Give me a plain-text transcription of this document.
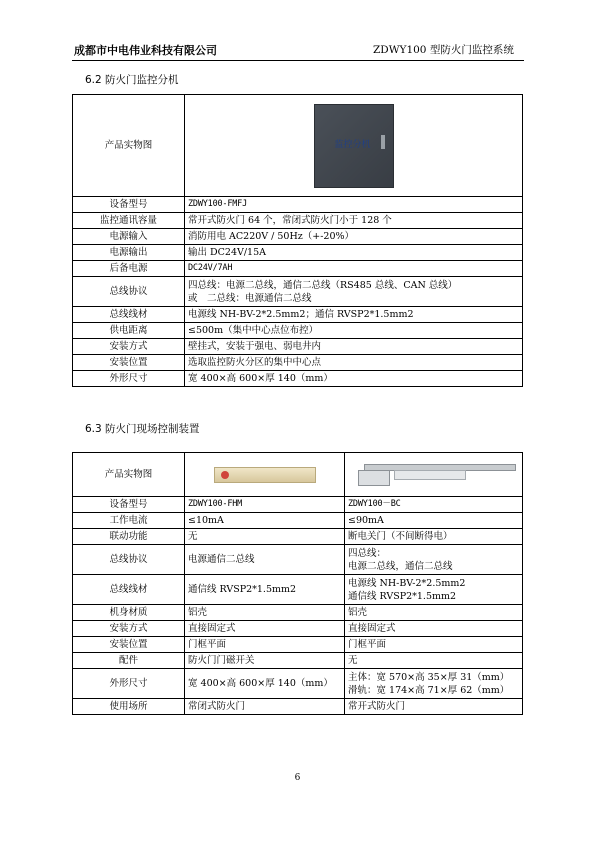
成都市中电伟业科技有限公司	ZDWY100 型防火门监控系统
6.2 防火门监控分机
产品实物图	监控分机

设备型号	ZDWY100-FMFJ
监控通讯容量	常开式防火门 64 个，常闭式防火门小于 128 个
电源输入	消防用电 AC220V / 50Hz（+-20%）
电源输出	输出 DC24V/15A
后备电源	DC24V/7AH
总线协议	四总线：电源二总线，通信二总线（RS485 总线、CAN 总线）
或　二总线：电源通信二总线

总线线材	电源线 NH-BV-2*2.5mm2；通信 RVSP2*1.5mm2
供电距离	≤500m（集中中心点位布控）
安装方式	壁挂式，安装于强电、弱电井内
安装位置	选取监控防火分区的集中中心点
外形尺寸	宽 400×高 600×厚 140（mm）
6.3 防火门现场控制装置
产品实物图	

设备型号	ZDWY100-FHM	ZDWY100－BC
工作电流	≤10mA	≤90mA
联动功能	无	断电关门（不间断得电）
总线协议	电源通信二总线	四总线：
电源二总线，通信二总线

总线线材	通信线 RVSP2*1.5mm2	电源线 NH-BV-2*2.5mm2
通信线 RVSP2*1.5mm2

机身材质	铝壳	铝壳
安装方式	直接固定式	直接固定式
安装位置	门框平面	门框平面
配件	防火门门磁开关	无
外形尺寸	宽 400×高 600×厚 140（mm）	主体：宽 570×高 35×厚 31（mm）
滑轨：宽 174×高 71×厚 62（mm）

使用场所	常闭式防火门	常开式防火门
6
